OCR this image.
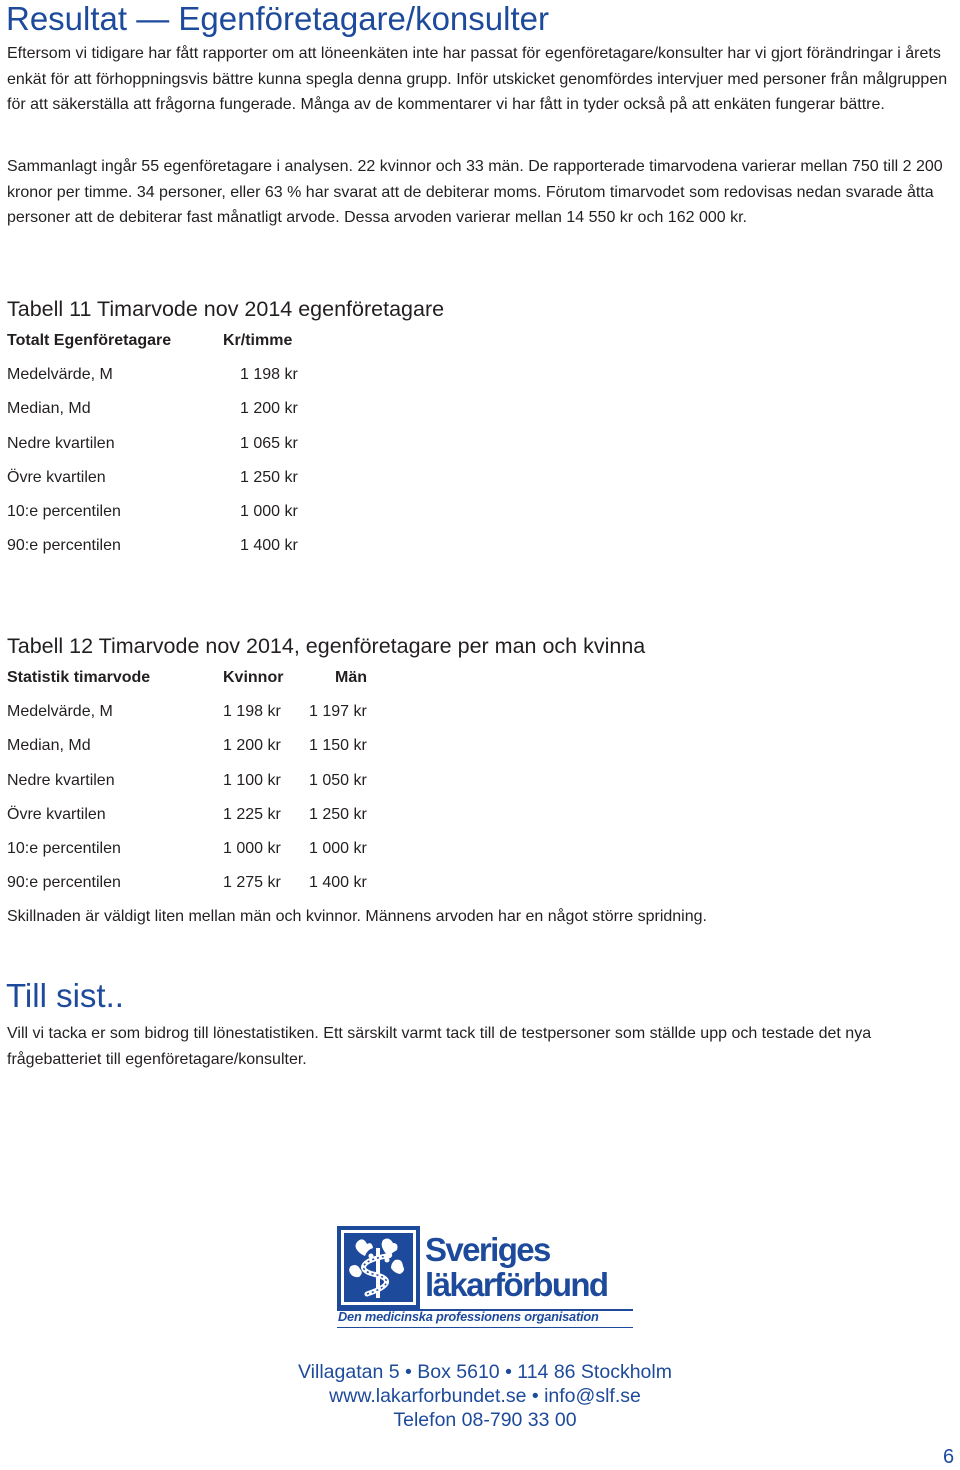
Resultat — Egenföretagare/konsulter

Eftersom vi tidigare har fått rapporter om att löneenkäten inte har passat för egenföretagare/konsulter har vi gjort förändringar i årets enkät för att förhoppningsvis bättre kunna spegla denna grupp. Inför utskicket genomfördes intervjuer med personer från målgruppen för att säkerställa att frågorna fungerade. Många av de kommentarer vi har fått in tyder också på att enkäten fungerar bättre.

Sammanlagt ingår 55 egenföretagare i analysen. 22 kvinnor och 33 män. De rapporterade timarvodena varierar mellan 750 till 2 200 kronor per timme. 34 personer, eller 63 % har svarat att de debiterar moms. Förutom timarvodet som redovisas nedan svarade åtta personer att de debiterar fast månatligt arvode. Dessa arvoden varierar mellan 14 550 kr och 162 000 kr.

Tabell 11 Timarvode nov 2014 egenföretagare
Totalt Egenföretagare	Kr/timme
Medelvärde, M	1 198 kr
Median, Md	1 200 kr
Nedre kvartilen	1 065 kr
Övre kvartilen	1 250 kr
10:e percentilen	1 000 kr
90:e percentilen	1 400 kr
Tabell 12 Timarvode nov 2014, egenföretagare per man och kvinna
Statistik timarvode	Kvinnor	Män
Medelvärde, M	1 198 kr	1 197 kr
Median, Md	1 200 kr	1 150 kr
Nedre kvartilen	1 100 kr	1 050 kr
Övre kvartilen	1 225 kr	1 250 kr
10:e percentilen	1 000 kr	1 000 kr
90:e percentilen	1 275 kr	1 400 kr

Skillnaden är väldigt liten mellan män och kvinnor. Männens arvoden har en något större spridning.

Till sist..

Vill vi tacka er som bidrog till lönestatistiken. Ett särskilt varmt tack till de testpersoner som ställde upp och testade det nya frågebatteriet till egenföretagare/konsulter.

Sveriges
läkarförbund
Den medicinska professionens organisation
Villagatan 5 • Box 5610 • 114 86 Stockholm
www.lakarforbundet.se • info@slf.se
Telefon 08-790 33 00
6
